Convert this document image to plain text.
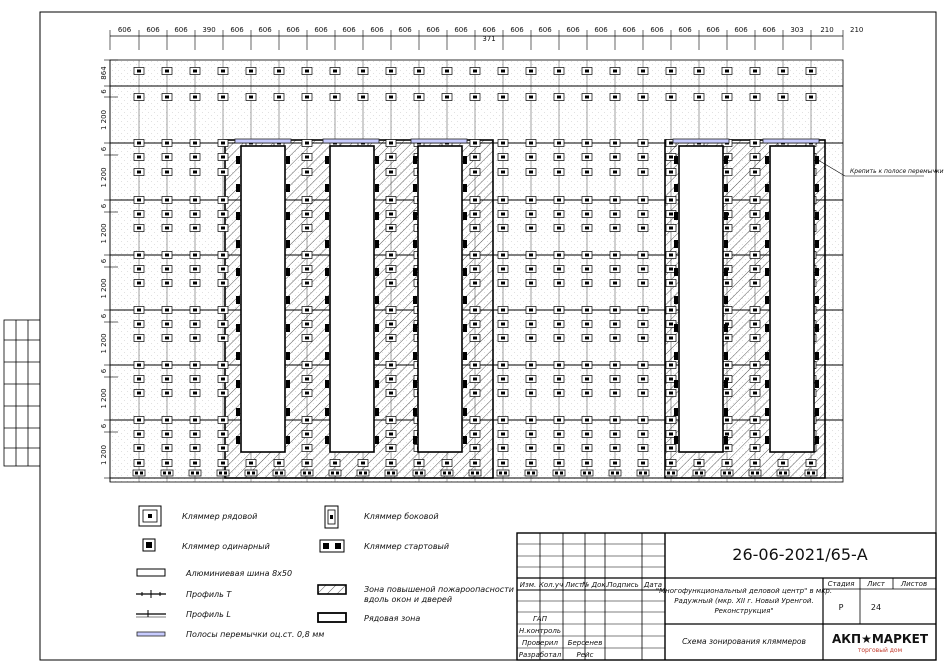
606 606 606 390 606 606 606 606 606 606 606 606 606 606 606 606 606 606 606 606 606 606 606 606 303 210 210
371
864
6
1 200
6
1 200
6
1 200
6
1 200
6
1 200
6
1 200
6
1 200
Крепить к полосе перемычки
Кляммер рядовой
Кляммер одинарный
Алюминиевая шина 8x50
Профиль Т
Профиль L
Полосы перемычки оц.ст. 0,8 мм
Кляммер боковой
Кляммер стартовый
Зона повышеной пожароопасности вдоль окон и дверей
Рядовая зона
26-06-2021/65-А
Изм. Кол.уч Лист № Док. Подпись Дата
ГАП
Н.контроль
Проверил
Разработал
Берсенев
Рейс
"Многофункциональный деловой центр" в мкр. Радужный (мкр. XII г. Новый Уренгой. Реконструкция"
Схема зонирования кляммеров
Стадия Лист Листов
Р	24
АКП★МАРКЕТ
торговый дом
